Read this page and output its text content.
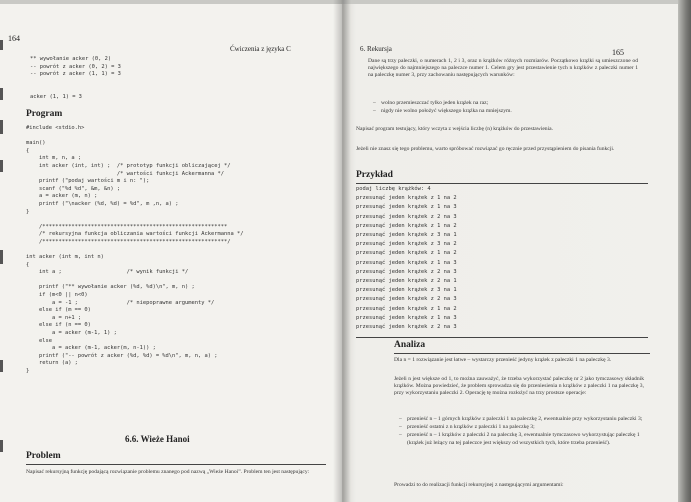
164
Ćwiczenia z języka C
** wywołanie acker (0, 2)
-- powrót z acker (0, 2) = 3
-- powrót z acker (1, 1) = 3

acker (1, 1) = 3
Program
#include <stdio.h>

main()
{
int m, n, a ;
int acker (int, int) ;  /* prototyp funkcji obliczającej */
/* wartości funkcji Ackermanna */
printf ("podaj wartości m i n: ");
scanf ("%d %d", &m, &n) ;
a = acker (m, n) ;
printf ("\nacker (%d, %d) = %d", m ,n, a) ;
}

/*********************************************************
/* rekursyjna funkcja obliczania wartości funkcji Ackermanna */
/*********************************************************/

int acker (int m, int n)
{
int a ;                    /* wynik funkcji */

printf ("** wywołanie acker (%d, %d)\n", m, n) ;
if (m<0 || n<0)
a = -1 ;               /* niepoprawne argumenty */
else if (m == 0)
a = n+1 ;
else if (n == 0)
a = acker (m-1, 1) ;
else
a = acker (m-1, acker(m, n-1)) ;
printf ("-- powrót z acker (%d, %d) = %d\n", m, n, a) ;
return (a) ;
}
6.6. Wieże Hanoi
Problem

Napisać rekursyjną funkcję podającą rozwiązanie problemu znanego pod nazwą „Wieże Hanoi”. Problem ten jest następujący:

6. Rekursja	165

Dane są trzy paleczki, o numerach 1, 2 i 3, oraz n krążków różnych rozmiarów. Początkowo krążki są umieszczone od największego do najmniejszego na paleczce numer 1. Celem gry jest przestawienie tych n krążków z paleczki numer 1 na paleczkę numer 3, przy zachowaniu następujących warunków:

– wolno przemieszczać tylko jeden krążek na raz;
– nigdy nie wolno położyć większego krążka na mniejszym.

Napisać program testujący, który wczyta z wejścia liczbę (n) krążków do przestawienia.

Jeżeli nie znasz się tego problemu, warto spróbować rozwiązać go ręcznie przed przystąpieniem do pisania funkcji.

Przykład
podaj liczbę krążków: 4
przesunąć jeden krążek z 1 na 2
przesunąć jeden krążek z 1 na 3
przesunąć jeden krążek z 2 na 3
przesunąć jeden krążek z 1 na 2
przesunąć jeden krążek z 3 na 1
przesunąć jeden krążek z 3 na 2
przesunąć jeden krążek z 1 na 2
przesunąć jeden krążek z 1 na 3
przesunąć jeden krążek z 2 na 3
przesunąć jeden krążek z 2 na 1
przesunąć jeden krążek z 3 na 1
przesunąć jeden krążek z 2 na 3
przesunąć jeden krążek z 1 na 2
przesunąć jeden krążek z 1 na 3
przesunąć jeden krążek z 2 na 3
Analiza

Dla n = 1 rozwiązanie jest łatwe – wystarczy przenieść jedyny krążek z paleczki 1 na paleczkę 3.

Jeżeli n jest większe od 1, to można zauważyć, że trzeba wykorzystać paleczkę nr 2 jako tymczasowy składnik krążków. Można powiedzieć, że problem sprowadza się do przeniesienia n krążków z paleczki 1 na paleczkę 3, przy wykorzystaniu paleczki 2. Operację tę można rozłożyć na trzy prostsze operacje:

– przenieść n – 1 górnych krążków z paleczki 1 na paleczkę 2, ewentualnie przy wykorzystaniu paleczki 3;
– przenieść ostatni z n krążków z paleczki 1 na paleczkę 3;
– przenieść n – 1 krążków z paleczki 2 na paleczkę 3, ewentualnie tymczasowo wykorzystując paleczkę 1 (krążek już leżący na tej paleczce jest większy od wszystkich tych, które trzeba przenieść).

Prowadzi to do realizacji funkcji rekursyjnej z następującymi argumentami:
